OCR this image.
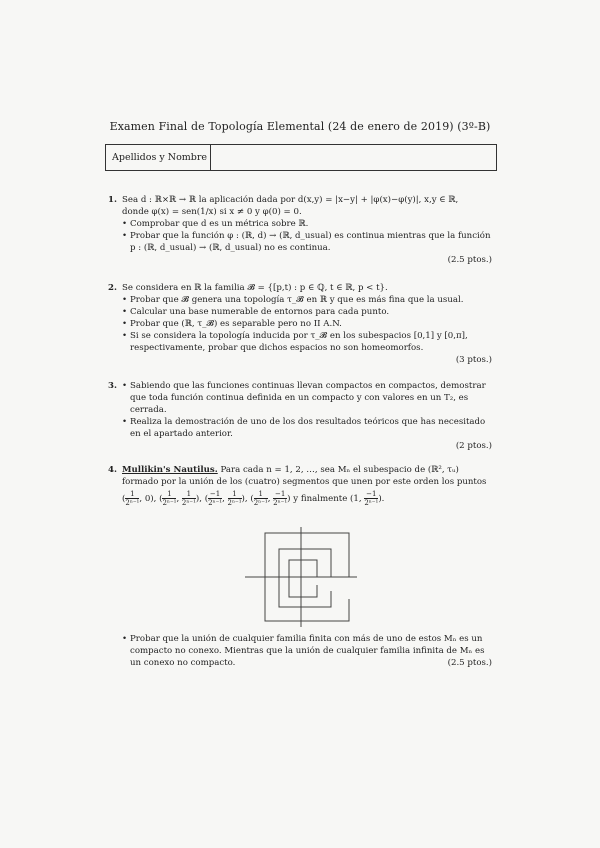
Examen Final de Topología Elemental (24 de enero de 2019) (3º-B)
Apellidos y Nombre
1. Sea d : ℝ×ℝ → ℝ la aplicación dada por d(x,y) = |x−y| + |φ(x)−φ(y)|, x,y ∈ ℝ,

donde φ(x) = sen(1/x) si x ≠ 0 y φ(0) = 0.

• Comprobar que d es un métrica sobre ℝ.

• Probar que la función φ : (ℝ, d) → (ℝ, d_usual) es continua mientras que la función p : (ℝ, d_usual) → (ℝ, d_usual) no es continua.

(2.5 ptos.)

2. Se considera en ℝ la familia 𝓑 = {[p,t) : p ∈ ℚ, t ∈ ℝ, p < t}.

• Probar que 𝓑 genera una topología τ_𝓑 en ℝ y que es más fina que la usual.

• Calcular una base numerable de entornos para cada punto.

• Probar que (ℝ, τ_𝓑) es separable pero no II A.N.

• Si se considera la topología inducida por τ_𝓑 en los subespacios [0,1] y [0,π], respectivamente, probar que dichos espacios no son homeomorfos.

(3 ptos.)

3.

•	Sabiendo que las funciones continuas llevan compactos en compactos, demostrar que toda función continua definida en un compacto y con valores en un T₂, es cerrada.

• Realiza la demostración de uno de los dos resultados teóricos que has necesitado en el apartado anterior.

(2 ptos.)

4. Mullikin's Nautilus. Para cada n = 1, 2, …, sea Mₙ el subespacio de (ℝ², τᵤ)

formado por la unión de los (cuatro) segmentos que unen por este orden los puntos

( $\frac{1}{\text{2ⁿ⁻¹}}$ , 0), ( $\frac{1}{\text{2ⁿ⁻¹}}$ , $\frac{1}{\text{2ⁿ⁻¹}}$ ), ( $\frac{-1}{\text{2ⁿ⁻¹}}$ , $\frac{1}{\text{2ⁿ⁻¹}}$ ), ( $\frac{1}{\text{2ⁿ⁻¹}}$ , $\frac{-1}{\text{2ⁿ⁻¹}}$ ) y finalmente (1, $\frac{-1}{\text{2ⁿ⁻¹}}$ ).

• Probar que la unión de cualquier familia finita con más de uno de estos Mₙ es un compacto no conexo. Mientras que la unión de cualquier familia infinita de Mₙ es un conexo no compacto.	(2.5 ptos.)
